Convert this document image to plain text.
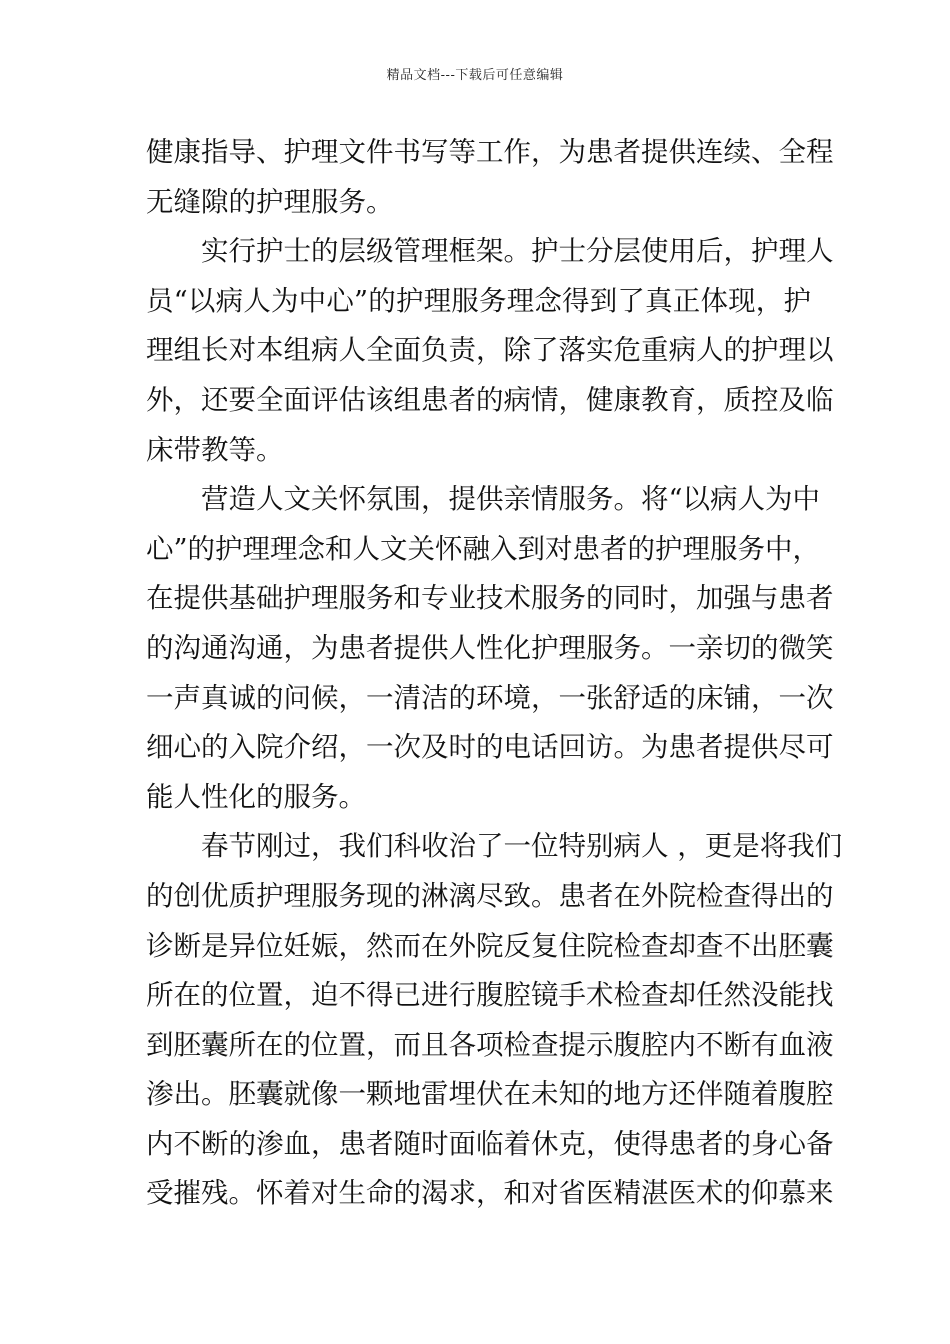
精品文档---下载后可任意编辑
健康指导、护理文件书写等工作，为患者提供连续、全程
无缝隙的护理服务。
实行护士的层级管理框架。护士分层使用后，护理人
员“以病人为中心”的护理服务理念得到了真正体现，护
理组长对本组病人全面负责，除了落实危重病人的护理以
外，还要全面评估该组患者的病情，健康教育，质控及临
床带教等。
营造人文关怀氛围，提供亲情服务。将“以病人为中
心”的护理理念和人文关怀融入到对患者的护理服务中，
在提供基础护理服务和专业技术服务的同时，加强与患者
的沟通沟通，为患者提供人性化护理服务。一亲切的微笑
一声真诚的问候，一清洁的环境，一张舒适的床铺，一次
细心的入院介绍，一次及时的电话回访。为患者提供尽可
能人性化的服务。
春节刚过，我们科收治了一位特别病人 ，更是将我们
的创优质护理服务现的淋漓尽致。患者在外院检查得出的
诊断是异位妊娠，然而在外院反复住院检查却查不出胚囊
所在的位置，迫不得已进行腹腔镜手术检查却任然没能找
到胚囊所在的位置，而且各项检查提示腹腔内不断有血液
渗出。胚囊就像一颗地雷埋伏在未知的地方还伴随着腹腔
内不断的渗血，患者随时面临着休克，使得患者的身心备
受摧残。怀着对生命的渴求，和对省医精湛医术的仰慕来
